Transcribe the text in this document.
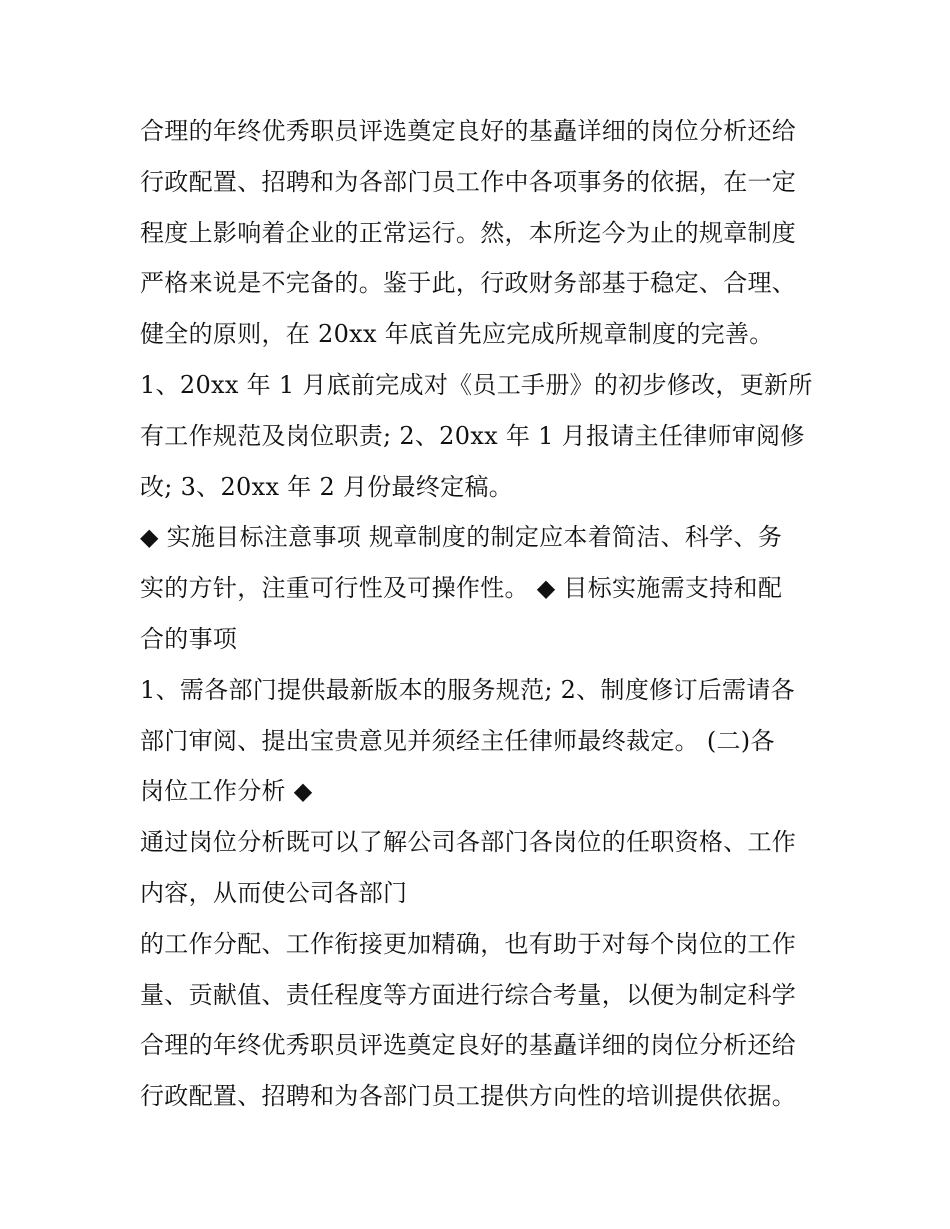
合理的年终优秀职员评选奠定良好的基矗详细的岗位分析还给
行政配置、招聘和为各部门员工作中各项事务的依据，在一定
程度上影响着企业的正常运行。然，本所迄今为止的规章制度
严格来说是不完备的。鉴于此，行政财务部基于稳定、合理、
健全的原则，在 20xx 年底首先应完成所规章制度的完善。
1、20xx 年 1 月底前完成对《员工手册》的初步修改，更新所
有工作规范及岗位职责; 2、20xx 年 1 月报请主任律师审阅修
改; 3、20xx 年 2 月份最终定稿。
◆ 实施目标注意事项 规章制度的制定应本着简洁、科学、务
实的方针，注重可行性及可操作性。 ◆ 目标实施需支持和配
合的事项
1、需各部门提供最新版本的服务规范; 2、制度修订后需请各
部门审阅、提出宝贵意见并须经主任律师最终裁定。 (二)各
岗位工作分析 ◆
通过岗位分析既可以了解公司各部门各岗位的任职资格、工作
内容，从而使公司各部门
的工作分配、工作衔接更加精确，也有助于对每个岗位的工作
量、贡献值、责任程度等方面进行综合考量，以便为制定科学
合理的年终优秀职员评选奠定良好的基矗详细的岗位分析还给
行政配置、招聘和为各部门员工提供方向性的培训提供依据。
